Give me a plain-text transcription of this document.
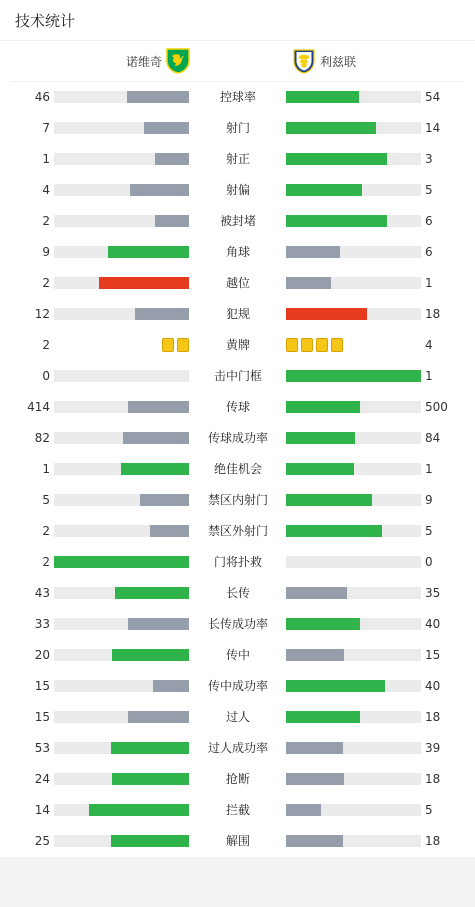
技术统计
诺维奇	利兹联
46	控球率	54
7	射门	14
1	射正	3
4	射偏	5
2	被封堵	6
9	角球	6
2	越位	1
12	犯规	18
2	黄牌	4
0	击中门框	1
414	传球	500
82	传球成功率	84
1	绝佳机会	1
5	禁区内射门	9
2	禁区外射门	5
2	门将扑救	0
43	长传	35
33	长传成功率	40
20	传中	15
15	传中成功率	40
15	过人	18
53	过人成功率	39
24	抢断	18
14	拦截	5
25	解围	18
